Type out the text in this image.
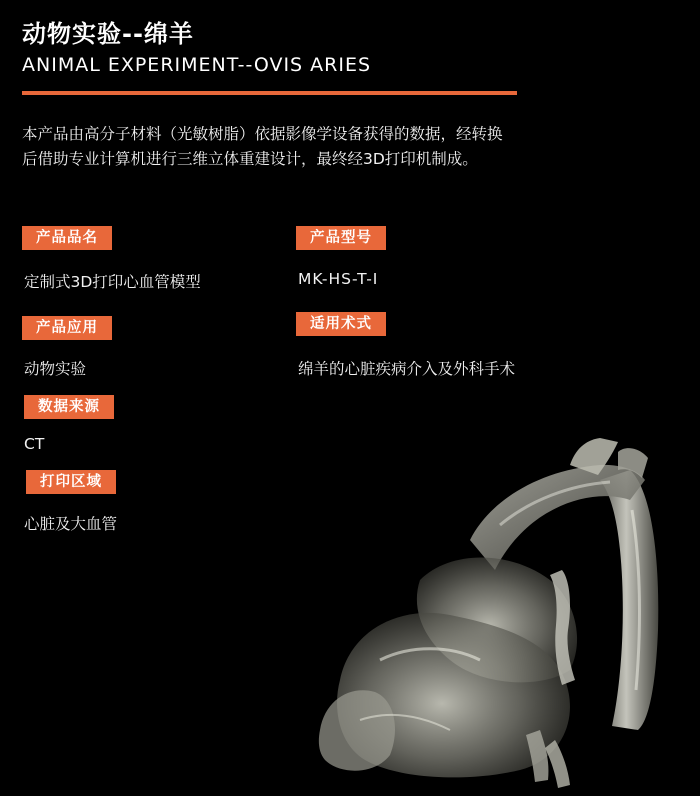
动物实验--绵羊
ANIMAL EXPERIMENT--OVIS ARIES
本产品由高分子材料（光敏树脂）依据影像学设备获得的数据，经转换后借助专业计算机进行三维立体重建设计，最终经3D打印机制成。
产品品名
定制式3D打印心血管模型
产品应用
动物实验
数据来源
CT
打印区域
心脏及大血管
产品型号
MK-HS-T-Ⅰ
适用术式
绵羊的心脏疾病介入及外科手术
